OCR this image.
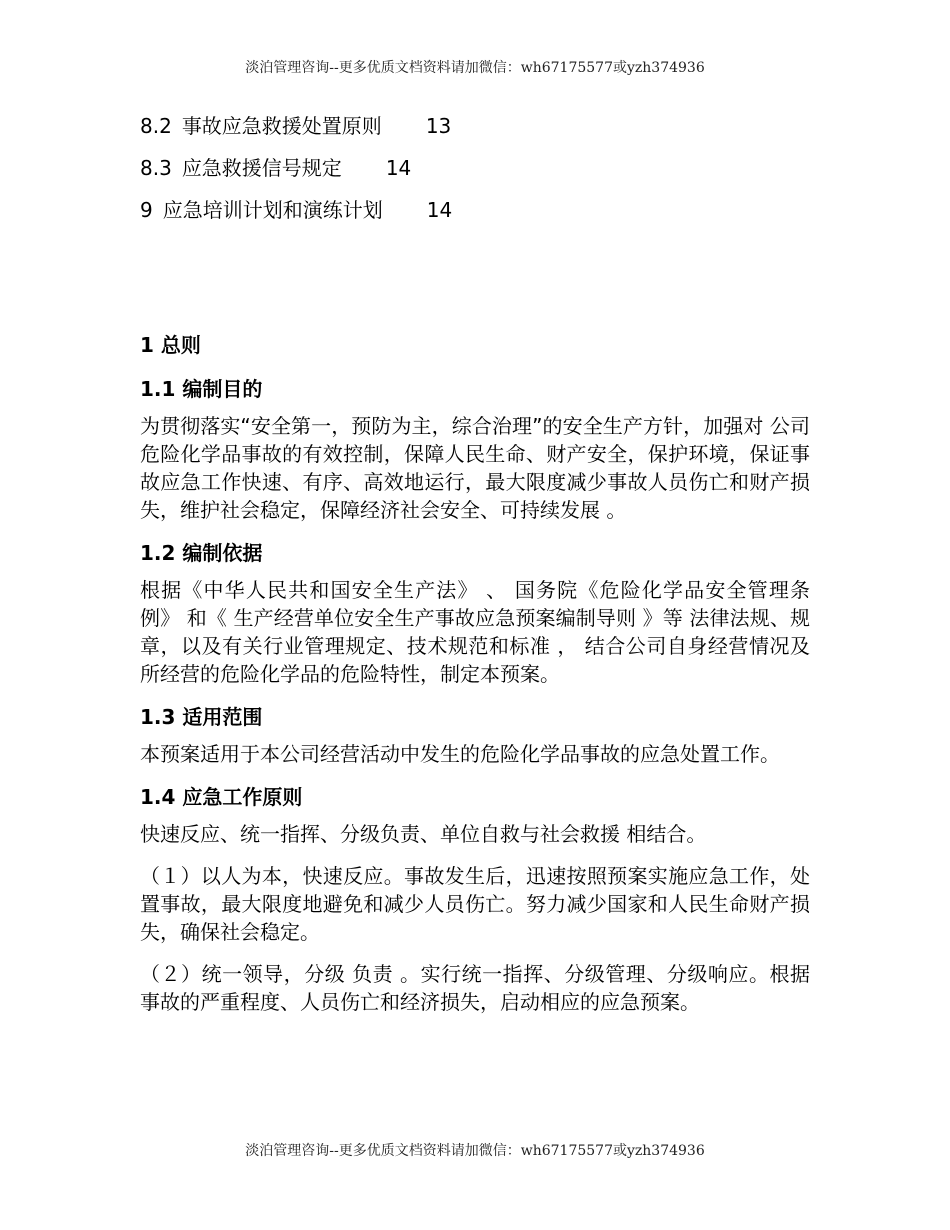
淡泊管理咨询--更多优质文档资料请加微信：wh67175577或yzh374936
8.2 事故应急救援处置原则 13
8.3 应急救援信号规定 14
9 应急培训计划和演练计划 14
1 总则
1.1 编制目的

为贯彻落实“安全第一，预防为主，综合治理”的安全生产方针，加强对 公司 危险化学品事故的有效控制，保障人民生命、财产安全，保护环境，保证事故应急工作快速、有序、高效地运行，最大限度减少事故人员伤亡和财产损失，维护社会稳定，保障经济社会安全、可持续发展 。

1.2 编制依据

根据《中华人民共和国安全生产法》 、 国务院《危险化学品安全管理条例》 和《 生产经营单位安全生产事故应急预案编制导则 》等 法律法规、规章，以及有关行业管理规定、技术规范和标准 ， 结合公司自身经营情况及所经营的危险化学品的危险特性，制定本预案。

1.3 适用范围

本预案适用于本公司经营活动中发生的危险化学品事故的应急处置工作。

1.4 应急工作原则

快速反应、统一指挥、分级负责、单位自救与社会救援 相结合。

（１）以人为本，快速反应。事故发生后，迅速按照预案实施应急工作，处置事故，最大限度地避免和减少人员伤亡。努力减少国家和人民生命财产损失，确保社会稳定。

（２）统一领导，分级 负责 。实行统一指挥、分级管理、分级响应。根据事故的严重程度、人员伤亡和经济损失，启动相应的应急预案。

淡泊管理咨询--更多优质文档资料请加微信：wh67175577或yzh374936
